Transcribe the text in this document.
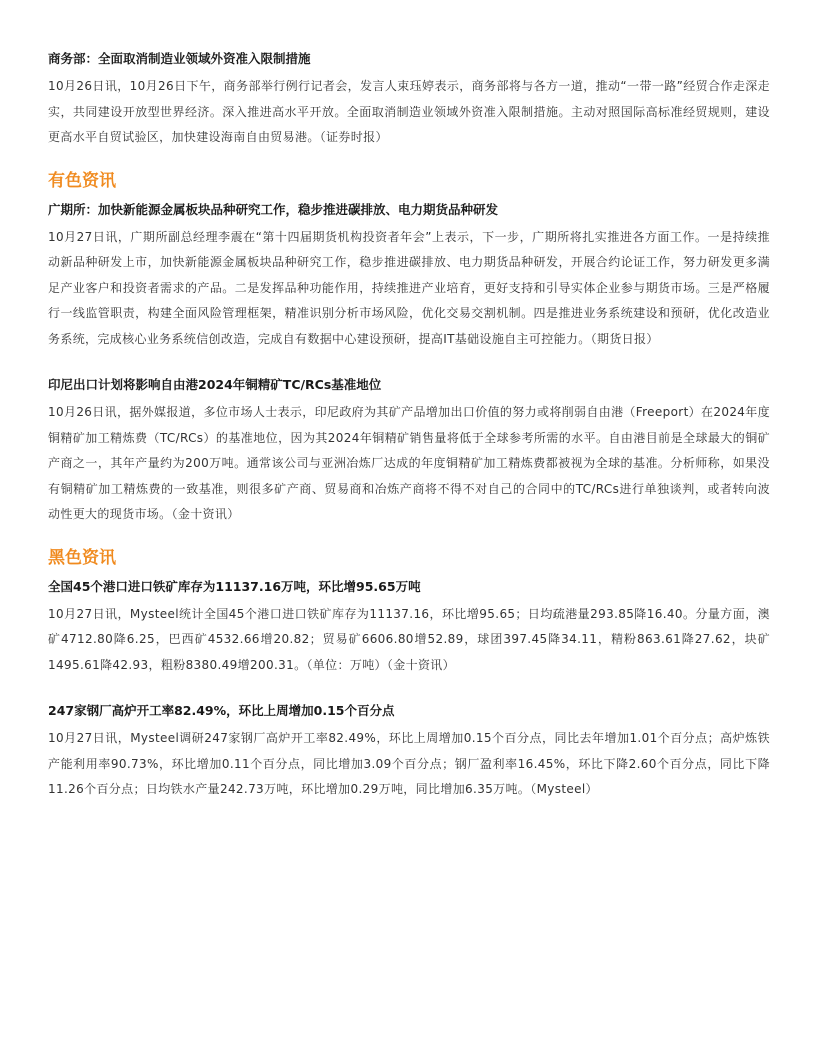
商务部：全面取消制造业领域外资准入限制措施

10月26日讯，10月26日下午，商务部举行例行记者会，发言人束珏婷表示，商务部将与各方一道，推动“一带一路”经贸合作走深走实，共同建设开放型世界经济。深入推进高水平开放。全面取消制造业领域外资准入限制措施。主动对照国际高标准经贸规则，建设更高水平自贸试验区，加快建设海南自由贸易港。（证券时报）

有色资讯
广期所：加快新能源金属板块品种研究工作，稳步推进碳排放、电力期货品种研发

10月27日讯，广期所副总经理李震在“第十四届期货机构投资者年会”上表示，下一步，广期所将扎实推进各方面工作。一是持续推动新品种研发上市，加快新能源金属板块品种研究工作，稳步推进碳排放、电力期货品种研发，开展合约论证工作，努力研发更多满足产业客户和投资者需求的产品。二是发挥品种功能作用，持续推进产业培育，更好支持和引导实体企业参与期货市场。三是严格履行一线监管职责，构建全面风险管理框架，精准识别分析市场风险，优化交易交割机制。四是推进业务系统建设和预研，优化改造业务系统，完成核心业务系统信创改造，完成自有数据中心建设预研，提高IT基础设施自主可控能力。（期货日报）

印尼出口计划将影响自由港2024年铜精矿TC/RCs基准地位

10月26日讯，据外媒报道，多位市场人士表示，印尼政府为其矿产品增加出口价值的努力或将削弱自由港（Freeport）在2024年度铜精矿加工精炼费（TC/RCs）的基准地位，因为其2024年铜精矿销售量将低于全球参考所需的水平。自由港目前是全球最大的铜矿产商之一，其年产量约为200万吨。通常该公司与亚洲冶炼厂达成的年度铜精矿加工精炼费都被视为全球的基准。分析师称，如果没有铜精矿加工精炼费的一致基准，则很多矿产商、贸易商和冶炼产商将不得不对自己的合同中的TC/RCs进行单独谈判，或者转向波动性更大的现货市场。（金十资讯）

黑色资讯
全国45个港口进口铁矿库存为11137.16万吨，环比增95.65万吨

10月27日讯，Mysteel统计全国45个港口进口铁矿库存为11137.16，环比增95.65；日均疏港量293.85降16.40。分量方面，澳矿4712.80降6.25，巴西矿4532.66增20.82；贸易矿6606.80增52.89，球团397.45降34.11，精粉863.61降27.62，块矿1495.61降42.93，粗粉8380.49增200.31。（单位：万吨）（金十资讯）

247家钢厂高炉开工率82.49%，环比上周增加0.15个百分点

10月27日讯，Mysteel调研247家钢厂高炉开工率82.49%，环比上周增加0.15个百分点，同比去年增加1.01个百分点；高炉炼铁产能利用率90.73%，环比增加0.11个百分点，同比增加3.09个百分点；钢厂盈利率16.45%，环比下降2.60个百分点，同比下降11.26个百分点；日均铁水产量242.73万吨，环比增加0.29万吨，同比增加6.35万吨。（Mysteel）
